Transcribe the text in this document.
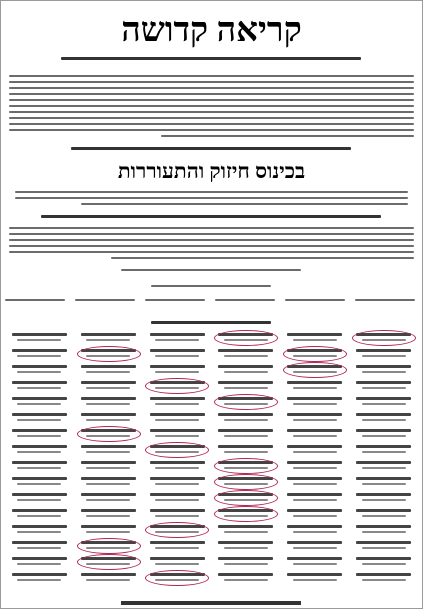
קריאה קדושה
בכינוס חיזוק והתעוררות
